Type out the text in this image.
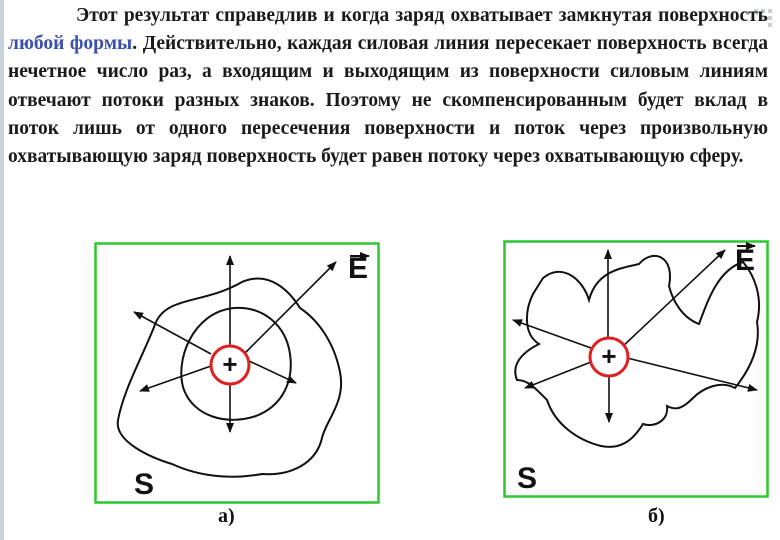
Этот результат справедлив и когда заряд охватывает замкнутая поверхность любой формы. Действительно, каждая силовая линия пересекает поверхность всегда нечетное число раз, а входящим и выходящим из поверхности силовым линиям отвечают потоки разных знаков. Поэтому не скомпенсированным будет вклад в поток лишь от одного пересечения поверхности и поток через произвольную охватывающую заряд поверхность будет равен потоку через охватывающую сферу.

+
E
S
а)
+
E
S
б)
